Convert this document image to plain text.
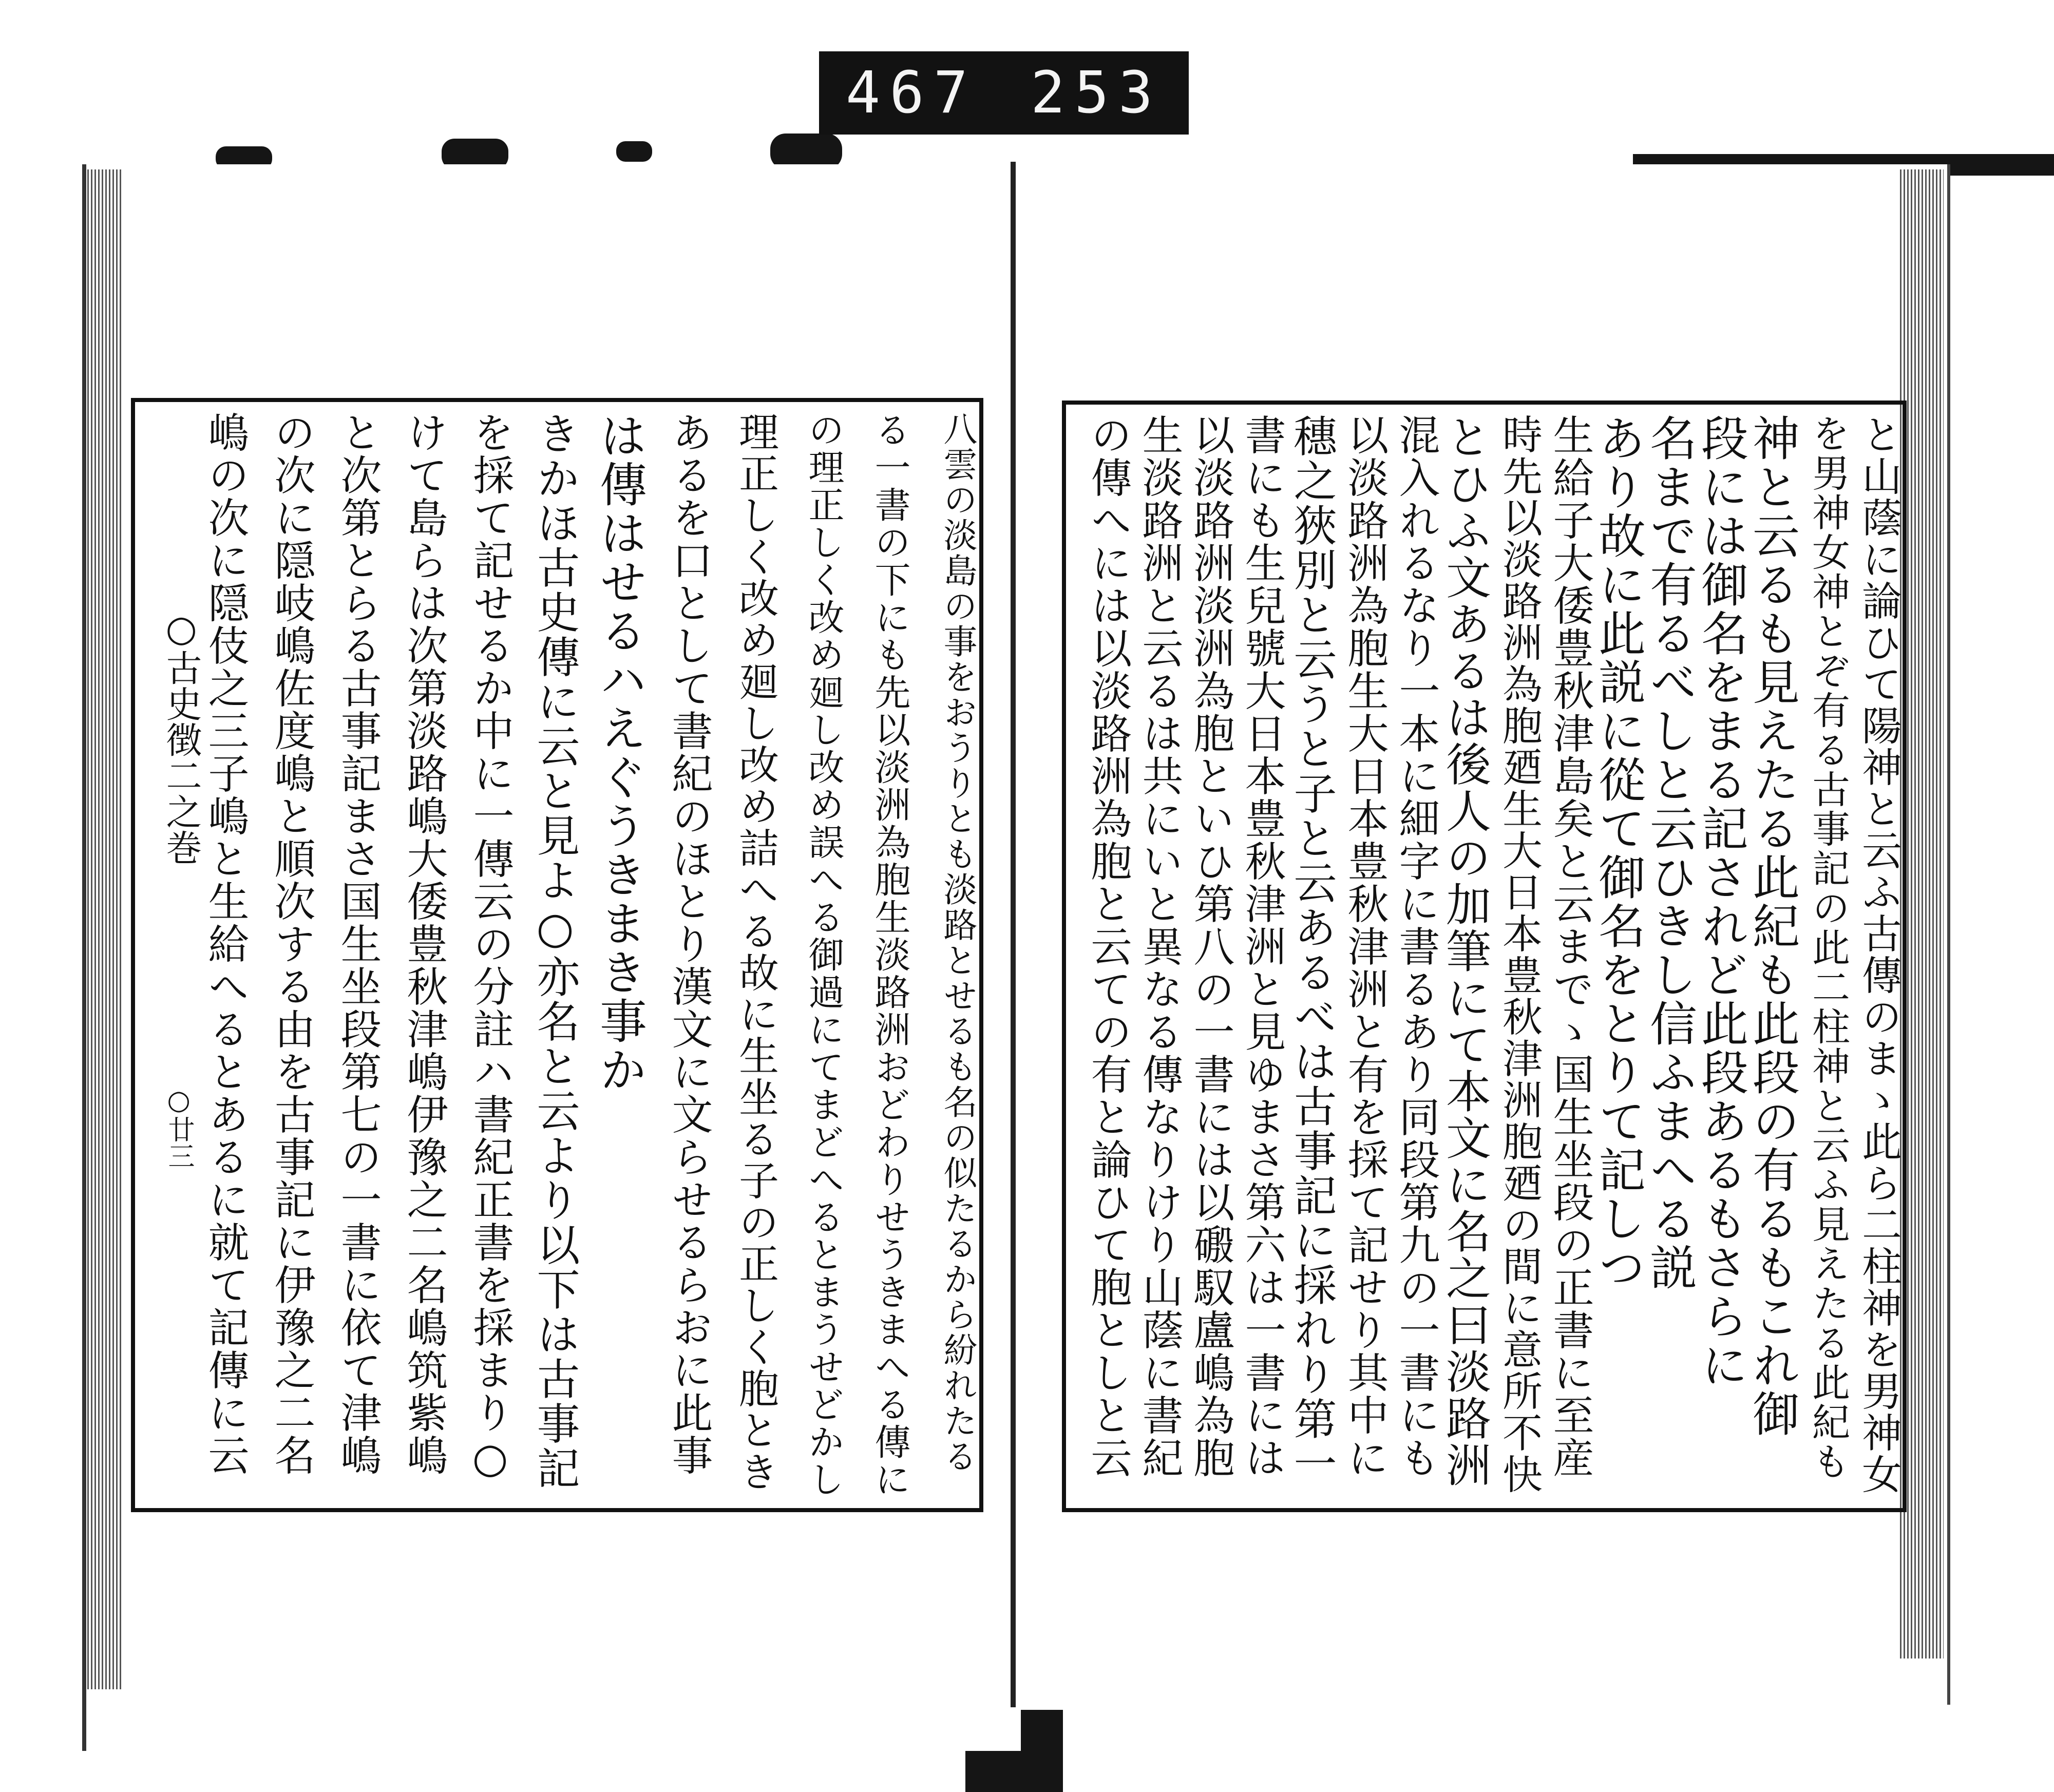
467 253
八雲の淡島の事をおうりとも淡路とせるも名の似たるから紛れたる
る一書の下にも先以淡洲為胞生淡路洲おどわりせうきまへる傳に
の理正しく改め廻し改め誤へる御過にてまどへるとまうせどかし
理正しく改め廻し改め詰へる故に生坐る子の正しく胞とき
あるを口として書紀のほとり漢文に文らせるらおに此事
は傳はせるハえぐうきまき事か
きかほ古史傳に云と見よ○亦名と云より以下は古事記
を採て記せるか中に一傳云の分註ハ書紀正書を採まり○
けて島らは次第淡路嶋大倭豊秋津嶋伊豫之二名嶋筑紫嶋
と次第とらる古事記まさ国生坐段第七の一書に依て津嶋
の次に隠岐嶋佐度嶋と順次する由を古事記に伊豫之二名
嶋の次に隠伎之三子嶋と生給へるとあるに就て記傳に云
○古史徴二之巻
○廿三	と山蔭に論ひて陽神と云ふ古傳のまゝ此ら二柱神を男神女
を男神女神とぞ有る古事記の此二柱神と云ふ見えたる此紀も
神と云るも見えたる此紀も此段の有るもこれ御
段には御名をまる記されど此段あるもさらに
名まで有るべしと云ひきし信ふまへる説
あり故に此説に從て御名をとりて記しつ
生給子大倭豊秋津島矣と云までゝ国生坐段の正書に至産
時先以淡路洲為胞廼生大日本豊秋津洲胞廼の間に意所不快
とひふ文あるは後人の加筆にて本文に名之曰淡路洲
混入れるなり一本に細字に書るあり同段第九の一書にも
以淡路洲為胞生大日本豊秋津洲と有を採て記せり其中に
穗之狹別と云うと子と云あるべは古事記に採れり第一
書にも生兒號大日本豊秋津洲と見ゆまさ第六は一書には
以淡路洲淡洲為胞といひ第八の一書には以磤馭盧嶋為胞
生淡路洲と云るは共にいと異なる傳なりけり山蔭に書紀
の傳へには以淡路洲為胞と云ての有と論ひて胞としと云
